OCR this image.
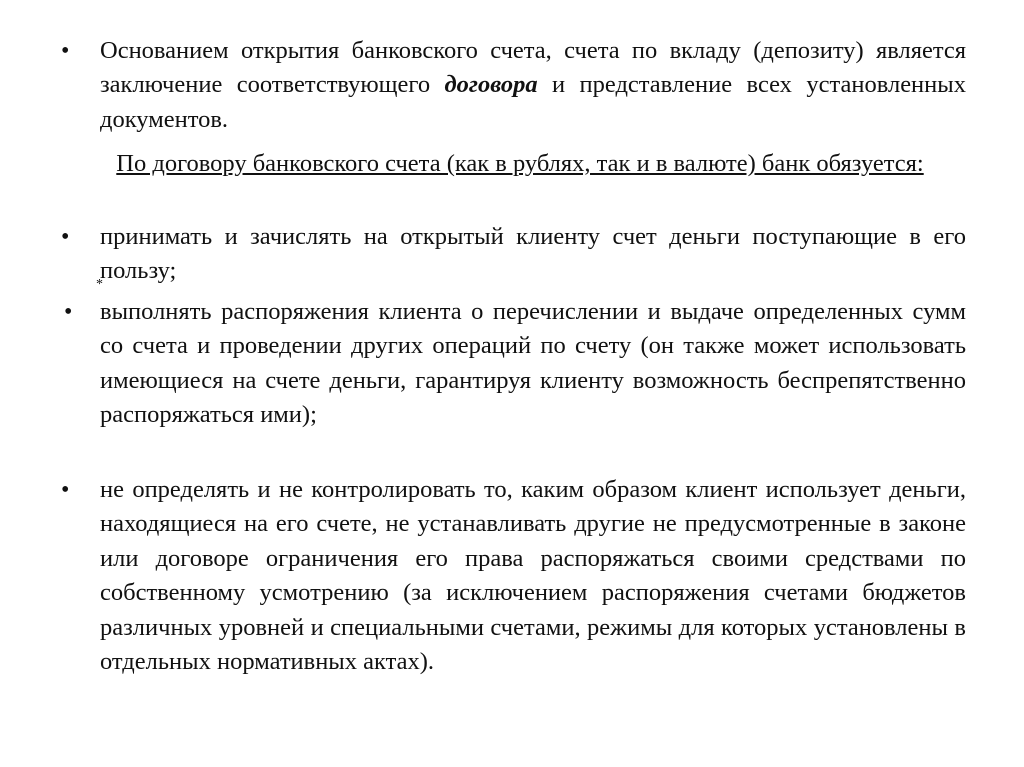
• Основанием открытия банковского счета, счета по вкладу (депозиту) является заключение соответствующего договора и представление всех установленных документов.
По договору банковского счета (как в рублях, так и в валюте) банк обязуется:
• принимать и зачислять на открытый клиенту счет деньги поступающие в его пользу;
*
• выполнять распоряжения клиента о перечислении и выдаче определенных сумм со счета и проведении других операций по счету (он также может использовать имеющиеся на счете деньги, гарантируя клиенту возможность беспрепятственно распоряжаться ими);
• не определять и не контролировать то, каким образом клиент использует деньги, находящиеся на его счете, не устанавливать другие не предусмотренные в законе или договоре ограничения его права распоряжаться своими средствами по собственному усмотрению (за исключением распоряжения счетами бюджетов различных уровней и специальными счетами, режимы для которых установлены в отдельных нормативных актах).
